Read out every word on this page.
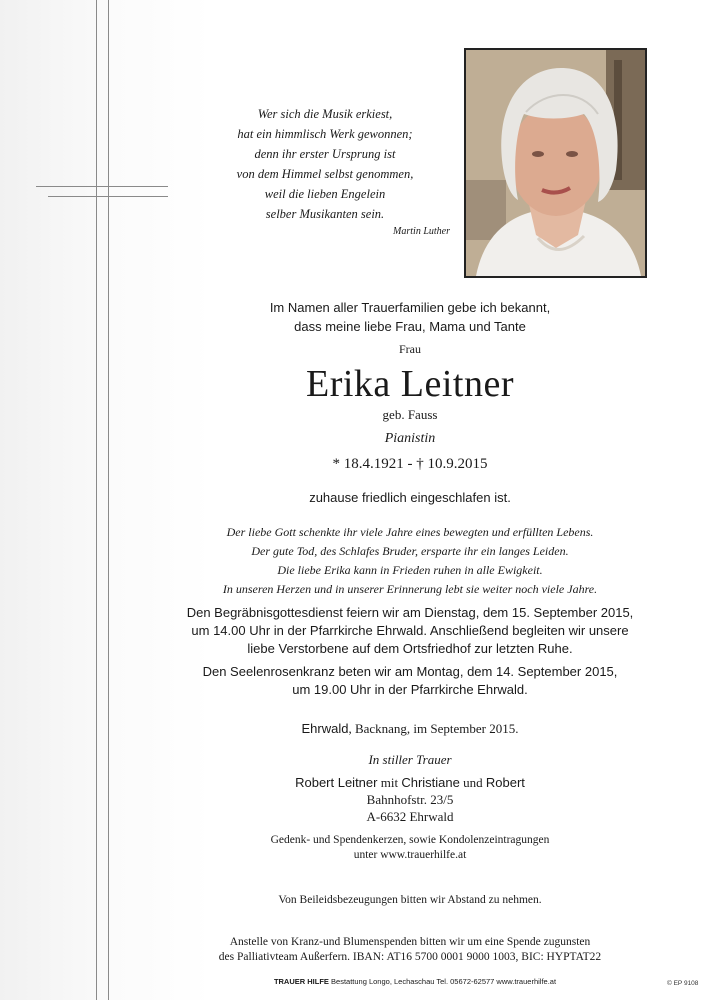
Wer sich die Musik erkiest,
hat ein himmlisch Werk gewonnen;
denn ihr erster Ursprung ist
von dem Himmel selbst genommen,
weil die lieben Engelein
selber Musikanten sein.
Martin Luther
Im Namen aller Trauerfamilien gebe ich bekannt,
dass meine liebe Frau, Mama und Tante
Frau
Erika Leitner
geb. Fauss
Pianistin
* 18.4.1921 - † 10.9.2015
zuhause friedlich eingeschlafen ist.
Der liebe Gott schenkte ihr viele Jahre eines bewegten und erfüllten Lebens.
Der gute Tod, des Schlafes Bruder, ersparte ihr ein langes Leiden.
Die liebe Erika kann in Frieden ruhen in alle Ewigkeit.
In unseren Herzen und in unserer Erinnerung lebt sie weiter noch viele Jahre.
Den Begräbnisgottesdienst feiern wir am Dienstag, dem 15. September 2015,
um 14.00 Uhr in der Pfarrkirche Ehrwald. Anschließend begleiten wir unsere
liebe Verstorbene auf dem Ortsfriedhof zur letzten Ruhe.
Den Seelenrosenkranz beten wir am Montag, dem 14. September 2015,
um 19.00 Uhr in der Pfarrkirche Ehrwald.
Ehrwald, Backnang, im September 2015.
In stiller Trauer
Robert Leitner mit Christiane und Robert
Bahnhofstr. 23/5
A-6632 Ehrwald
Gedenk- und Spendenkerzen, sowie Kondolenzeintragungen
unter www.trauerhilfe.at
Von Beileidsbezeugungen bitten wir Abstand zu nehmen.
Anstelle von Kranz-und Blumenspenden bitten wir um eine Spende zugunsten
des Palliativteam Außerfern. IBAN: AT16 5700 0001 9000 1003, BIC: HYPTAT22
TRAUER HILFE Bestattung Longo, Lechaschau Tel. 05672-62577 www.trauerhilfe.at	© EP 9108
